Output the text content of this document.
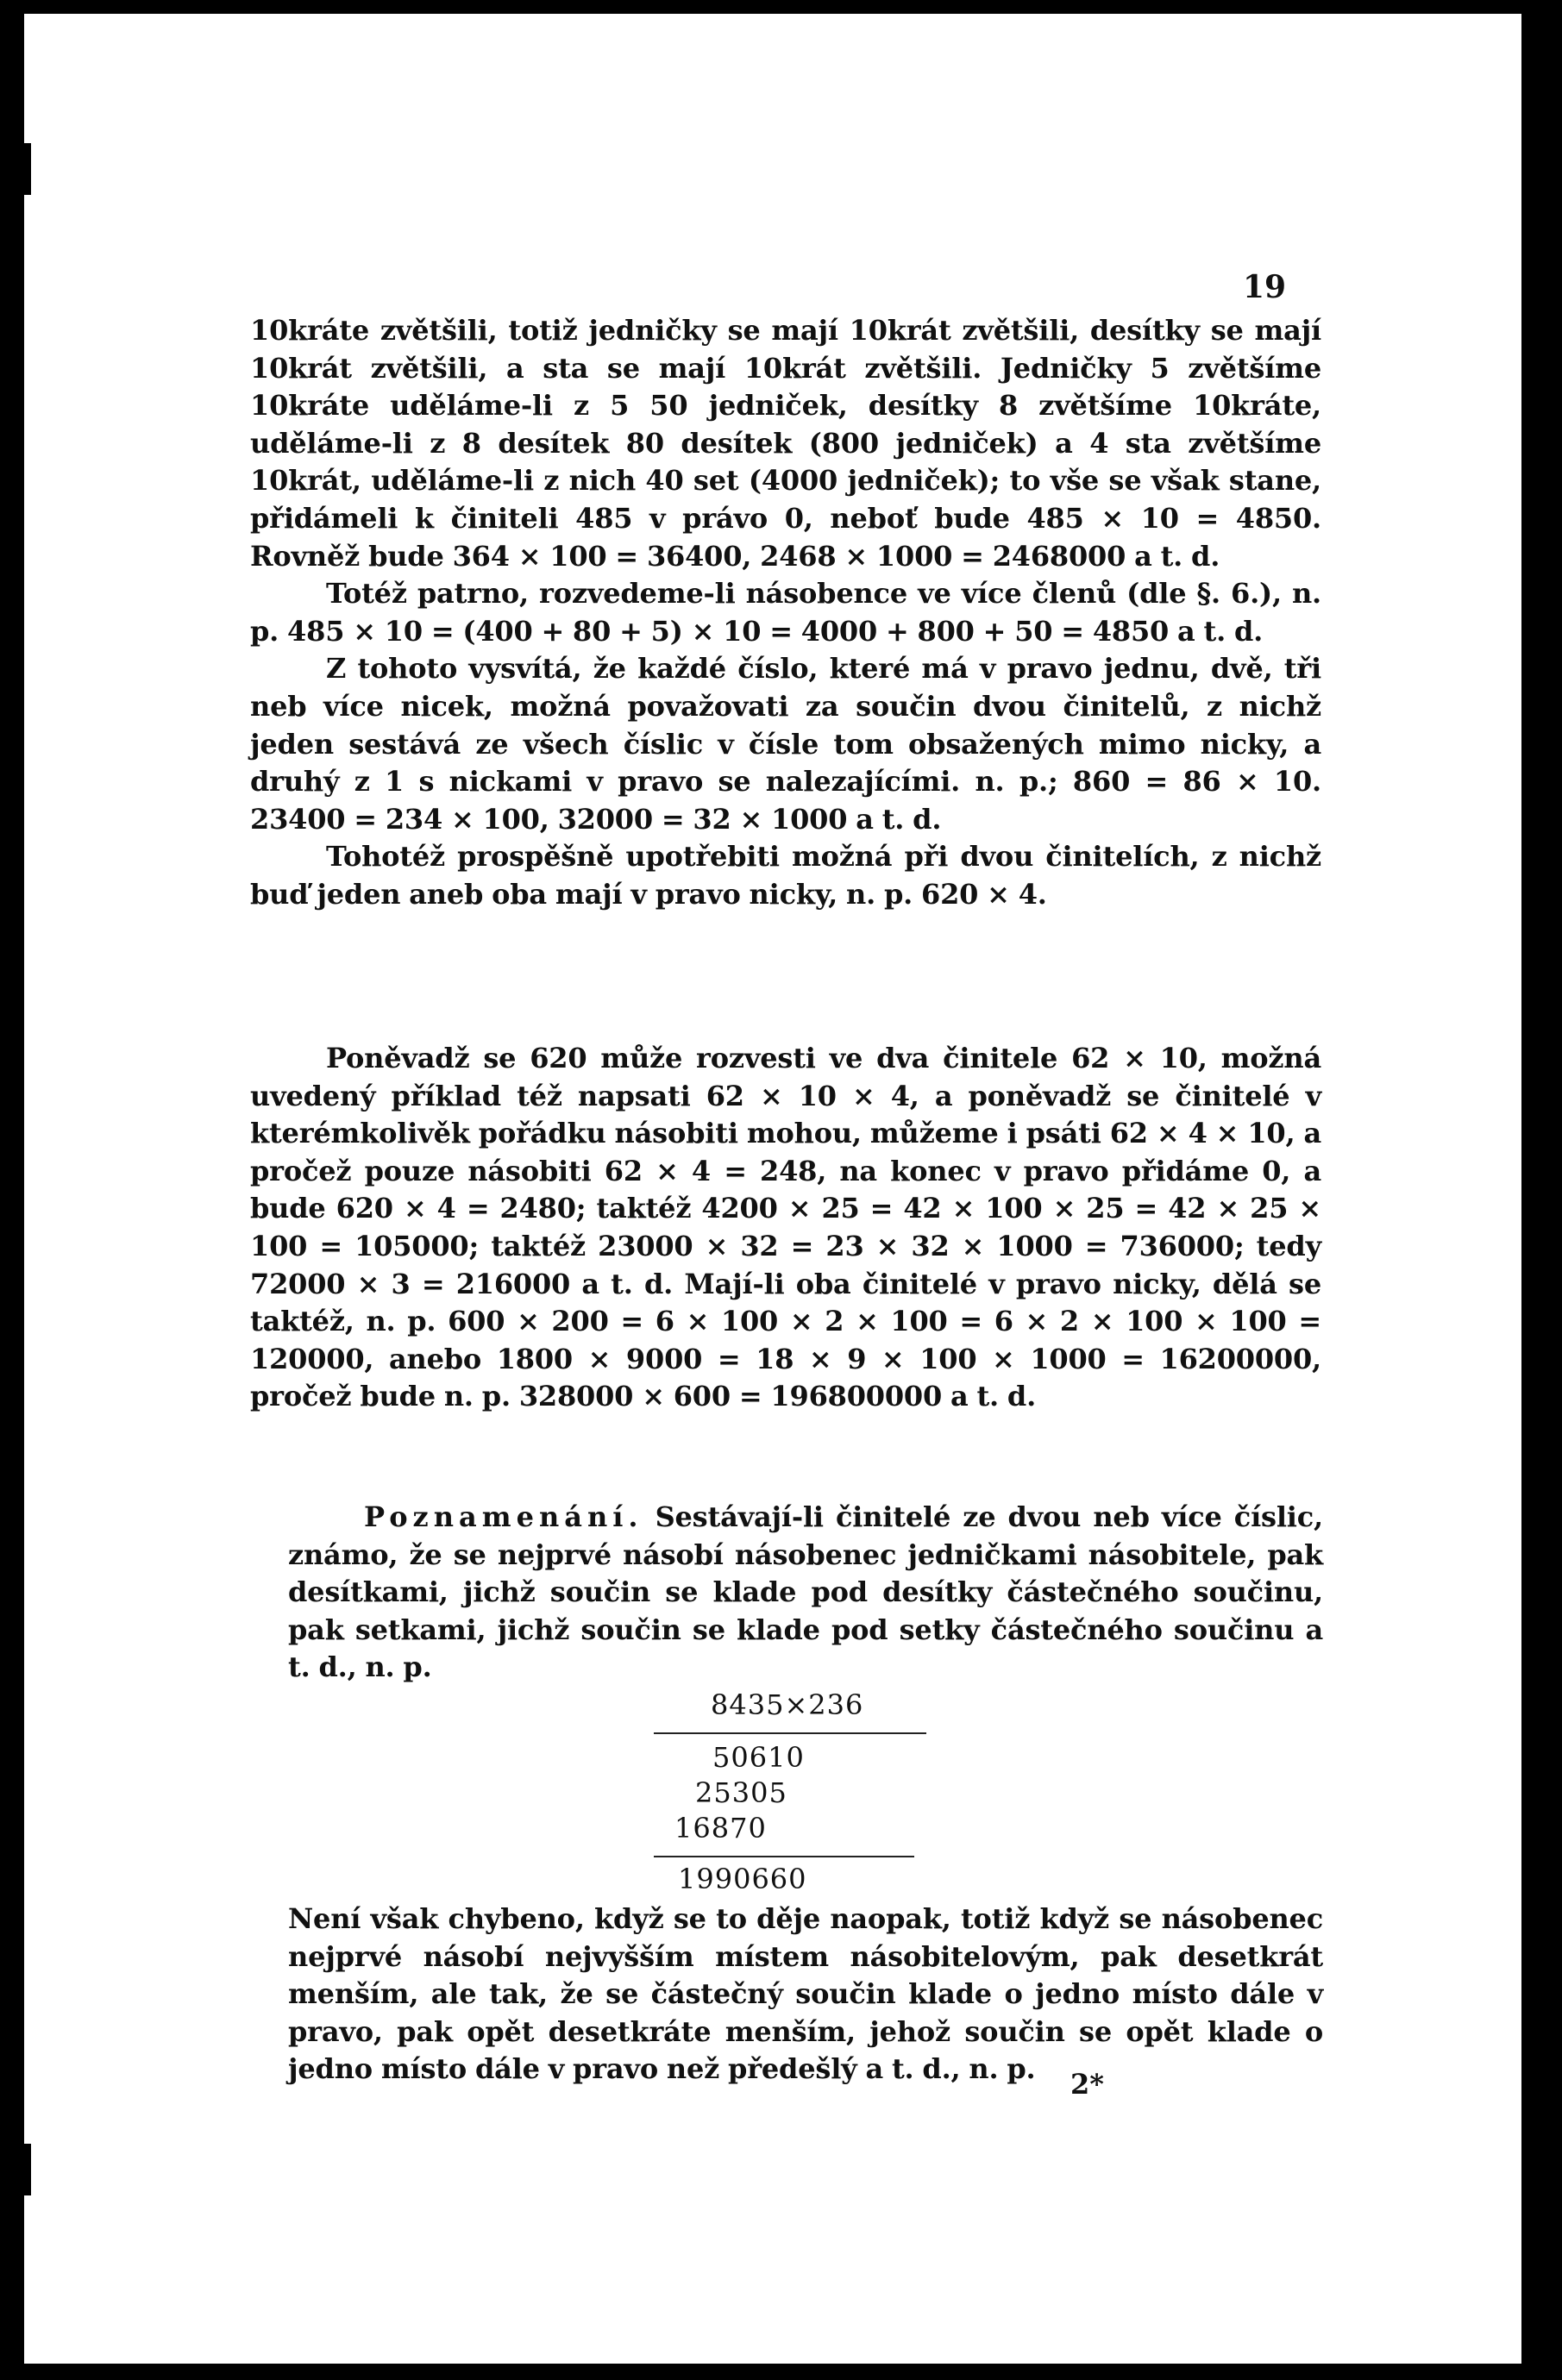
19

10kráte zvětšili, totiž jedničky se mají 10krát zvětšili, desítky se mají 10krát zvětšili, a sta se mají 10krát zvětšili. Jedničky 5 zvětšíme 10kráte uděláme-li z 5 50 jedniček, desítky 8 zvětšíme 10kráte, uděláme-li z 8 desítek 80 desítek (800 jedniček) a 4 sta zvětšíme 10krát, uděláme-li z nich 40 set (4000 jedniček); to vše se však stane, přidámeli k činiteli 485 v právo 0, neboť bude 485 × 10 = 4850. Rovněž bude 364 × 100 = 36400, 2468 × 1000 = 2468000 a t. d.

Totéž patrno, rozvedeme-li násobence ve více členů (dle §. 6.), n. p. 485 × 10 = (400 + 80 + 5) × 10 = 4000 + 800 + 50 = 4850 a t. d.

Z tohoto vysvítá, že každé číslo, které má v pravo jednu, dvě, tři neb více nicek, možná považovati za součin dvou činitelů, z nichž jeden sestává ze všech číslic v čísle tom obsažených mimo nicky, a druhý z 1 s nickami v pravo se nalezajícími. n. p.; 860 = 86 × 10. 23400 = 234 × 100, 32000 = 32 × 1000 a t. d.

Tohotéž prospěšně upotřebiti možná při dvou činitelích, z nichž buď jeden aneb oba mají v pravo nicky, n. p. 620 × 4.

Poněvadž se 620 může rozvesti ve dva činitele 62 × 10, možná uvedený příklad též napsati 62 × 10 × 4, a poněvadž se činitelé v kterémkolivěk pořádku násobiti mohou, můžeme i psáti 62 × 4 × 10, a pročež pouze násobiti 62 × 4 = 248, na konec v pravo přidáme 0, a bude 620 × 4 = 2480; taktéž 4200 × 25 = 42 × 100 × 25 = 42 × 25 × 100 = 105000; taktéž 23000 × 32 = 23 × 32 × 1000 = 736000; tedy 72000 × 3 = 216000 a t. d. Mají-li oba činitelé v pravo nicky, dělá se taktéž, n. p. 600 × 200 = 6 × 100 × 2 × 100 = 6 × 2 × 100 × 100 = 120000, anebo 1800 × 9000 = 18 × 9 × 100 × 1000 = 16200000, pročež bude n. p. 328000 × 600 = 196800000 a t. d.

Poznamenání. Sestávají-li činitelé ze dvou neb více číslic, známo, že se nejprvé násobí násobenec jedničkami násobitele, pak desítkami, jichž součin se klade pod desítky částečného součinu, pak setkami, jichž součin se klade pod setky částečného součinu a t. d., n. p.

8435×236

50610

25305

16870

1990660

Není však chybeno, když se to děje naopak, totiž když se násobenec nejprvé násobí nejvyšším místem násobitelovým, pak desetkrát menším, ale tak, že se částečný součin klade o jedno místo dále v pravo, pak opět desetkráte menším, jehož součin se opět klade o jedno místo dále v pravo než předešlý a t. d., n. p.	2*
